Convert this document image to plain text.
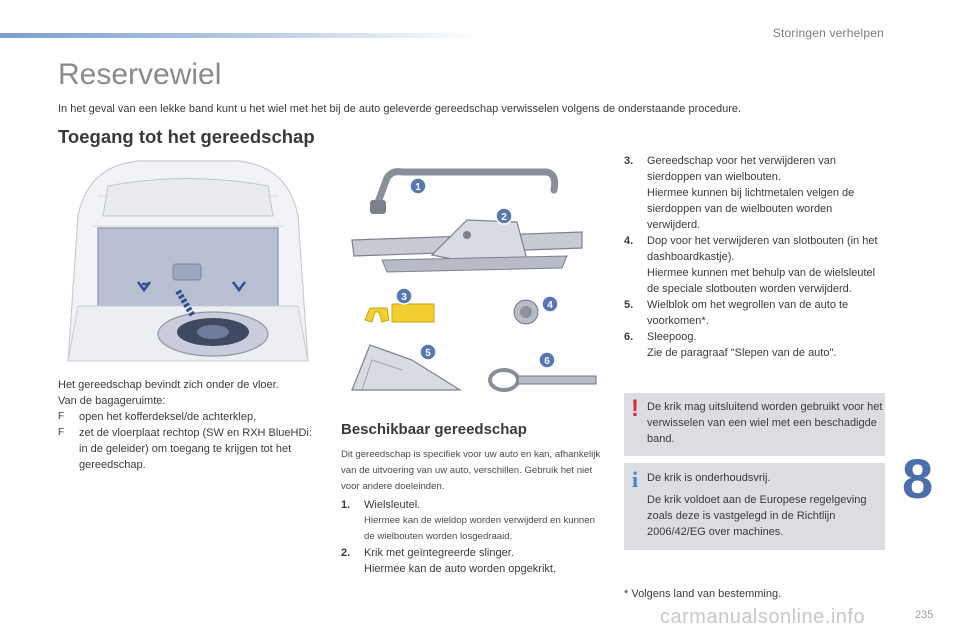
Storingen verhelpen
Reservewiel
In het geval van een lekke band kunt u het wiel met het bij de auto geleverde gereedschap verwisselen volgens de onderstaande procedure.
Toegang tot het gereedschap
Het gereedschap bevindt zich onder de vloer.
Van de bagageruimte:
F open het kofferdeksel/de achterklep,
F zet de vloerplaat rechtop (SW en RXH BlueHDi: in de geleider) om toegang te krijgen tot het gereedschap.
1
2
3
4
5
6
Beschikbaar gereedschap
Dit gereedschap is specifiek voor uw auto en kan, afhankelijk van de uitvoering van uw auto, verschillen. Gebruik het niet voor andere doeleinden.
1. Wielsleutel.
Hiermee kan de wieldop worden verwijderd en kunnen de wielbouten worden losgedraaid.
2. Krik met geïntegreerde slinger.
Hiermee kan de auto worden opgekrikt.
3. Gereedschap voor het verwijderen van sierdoppen van wielbouten.
Hiermee kunnen bij lichtmetalen velgen de sierdoppen van de wielbouten worden verwijderd.
4. Dop voor het verwijderen van slotbouten (in het dashboardkastje).
Hiermee kunnen met behulp van de wielsleutel de speciale slotbouten worden verwijderd.
5. Wielblok om het wegrollen van de auto te voorkomen*.
6. Sleepoog.
Zie de paragraaf "Slepen van de auto".
! De krik mag uitsluitend worden gebruikt voor het verwisselen van een wiel met een beschadigde band.
i De krik is onderhoudsvrij.
De krik voldoet aan de Europese regelgeving zoals deze is vastgelegd in de Richtlijn 2006/42/EG over machines.
8
* Volgens land van bestemming.
carmanualsonline.info	235
